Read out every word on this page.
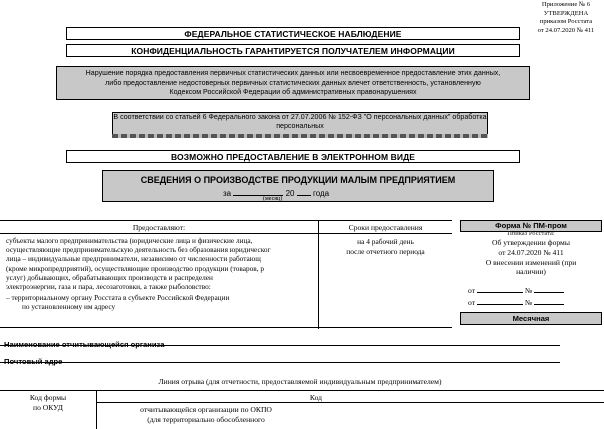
Приложение № 6
УТВЕРЖДЕНА
приказом Росстата
от 24.07.2020 № 411
ФЕДЕРАЛЬНОЕ СТАТИСТИЧЕСКОЕ НАБЛЮДЕНИЕ
КОНФИДЕНЦИАЛЬНОСТЬ ГАРАНТИРУЕТСЯ ПОЛУЧАТЕЛЕМ ИНФОРМАЦИИ
Нарушение порядка предоставления первичных статистических данных или несвоевременное предоставление этих данных,
либо предоставление недостоверных первичных статистических данных влечет ответственность, установленную
Кодексом Российской Федерации об административных правонарушениях
В соответствии со статьей 6 Федерального закона от 27.07.2006 № 152-ФЗ "О персональных данных" обработка
персональных
ВОЗМОЖНО ПРЕДОСТАВЛЕНИЕ В ЭЛЕКТРОННОМ ВИДЕ
СВЕДЕНИЯ О ПРОИЗВОДСТВЕ ПРОДУКЦИИ МАЛЫМ ПРЕДПРИЯТИЕМ
за	20 года
(месяц)
Предоставляют:	Сроки предоставления
субъекты малого предпринимательства (юридические лица и физические лица,
осуществляющие предпринимательскую деятельность без образования юридическог
лица – индивидуальные предприниматели, независимо от численности работающ
(кроме микропредприятий), осуществляющие производство продукции (товаров, р
услуг) добывающих, обрабатывающих производств и распределен
электроэнергии, газа и пара, лесозаготовки, а также рыболовство:
– территориальному органу Росстата в субъекте Российской Федерации
по установленному им адресу
на 4 рабочий день
после отчетного периода
Форма № ПМ-пром
Приказ Росстата:
Об утверждении формы
от 24.07.2020 № 411
О внесении изменений (при
наличии)
от	№
от	№
Месячная
Наименование отчитывающейся организа
Почтовый адре
Линия отрыва (для отчетности, предоставляемой индивидуальным предпринимателем)
Код формы
по ОКУД
Код
отчитывающейся организации по ОКПО
(для территориально обособленного
